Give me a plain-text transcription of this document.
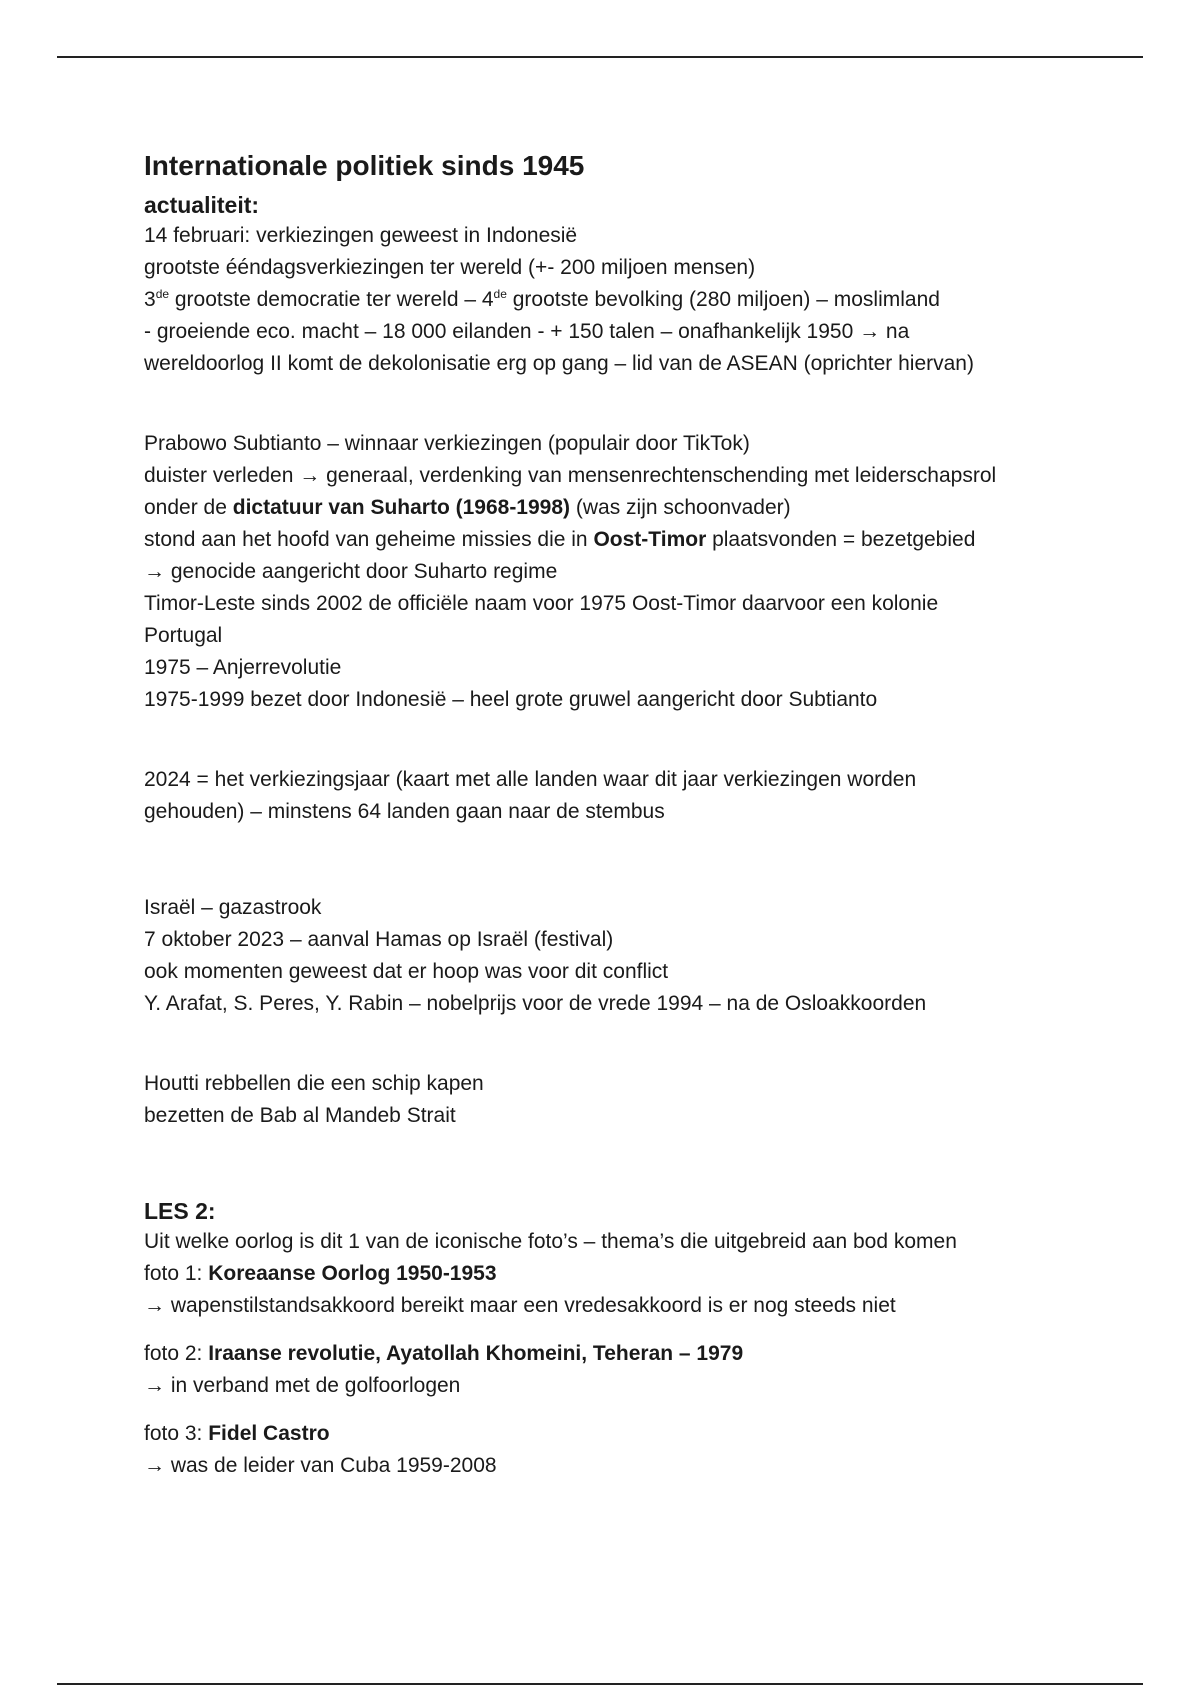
Internationale politiek sinds 1945
actualiteit:
14 februari: verkiezingen geweest in Indonesië
grootste ééndagsverkiezingen ter wereld (+- 200 miljoen mensen)
3de grootste democratie ter wereld – 4de grootste bevolking (280 miljoen) – moslimland
- groeiende eco. macht – 18 000 eilanden - + 150 talen – onafhankelijk 1950 → na
wereldoorlog II komt de dekolonisatie erg op gang – lid van de ASEAN (oprichter hiervan)
Prabowo Subtianto – winnaar verkiezingen (populair door TikTok)
duister verleden → generaal, verdenking van mensenrechtenschending met leiderschapsrol
onder de dictatuur van Suharto (1968-1998) (was zijn schoonvader)
stond aan het hoofd van geheime missies die in Oost-Timor plaatsvonden = bezetgebied
→ genocide aangericht door Suharto regime
Timor-Leste sinds 2002 de officiële naam voor 1975 Oost-Timor daarvoor een kolonie Portugal
1975 – Anjerrevolutie
1975-1999 bezet door Indonesië – heel grote gruwel aangericht door Subtianto
2024 = het verkiezingsjaar (kaart met alle landen waar dit jaar verkiezingen worden gehouden) – minstens 64 landen gaan naar de stembus
Israël – gazastrook
7 oktober 2023 – aanval Hamas op Israël (festival)
ook momenten geweest dat er hoop was voor dit conflict
Y. Arafat, S. Peres, Y. Rabin – nobelprijs voor de vrede 1994 – na de Osloakkoorden
Houtti rebbellen die een schip kapen
bezetten de Bab al Mandeb Strait
LES 2:
Uit welke oorlog is dit 1 van de iconische foto’s – thema’s die uitgebreid aan bod komen
foto 1: Koreaanse Oorlog 1950-1953
→ wapenstilstandsakkoord bereikt maar een vredesakkoord is er nog steeds niet
foto 2: Iraanse revolutie, Ayatollah Khomeini, Teheran – 1979
→ in verband met de golfoorlogen
foto 3: Fidel Castro
→ was de leider van Cuba 1959-2008
